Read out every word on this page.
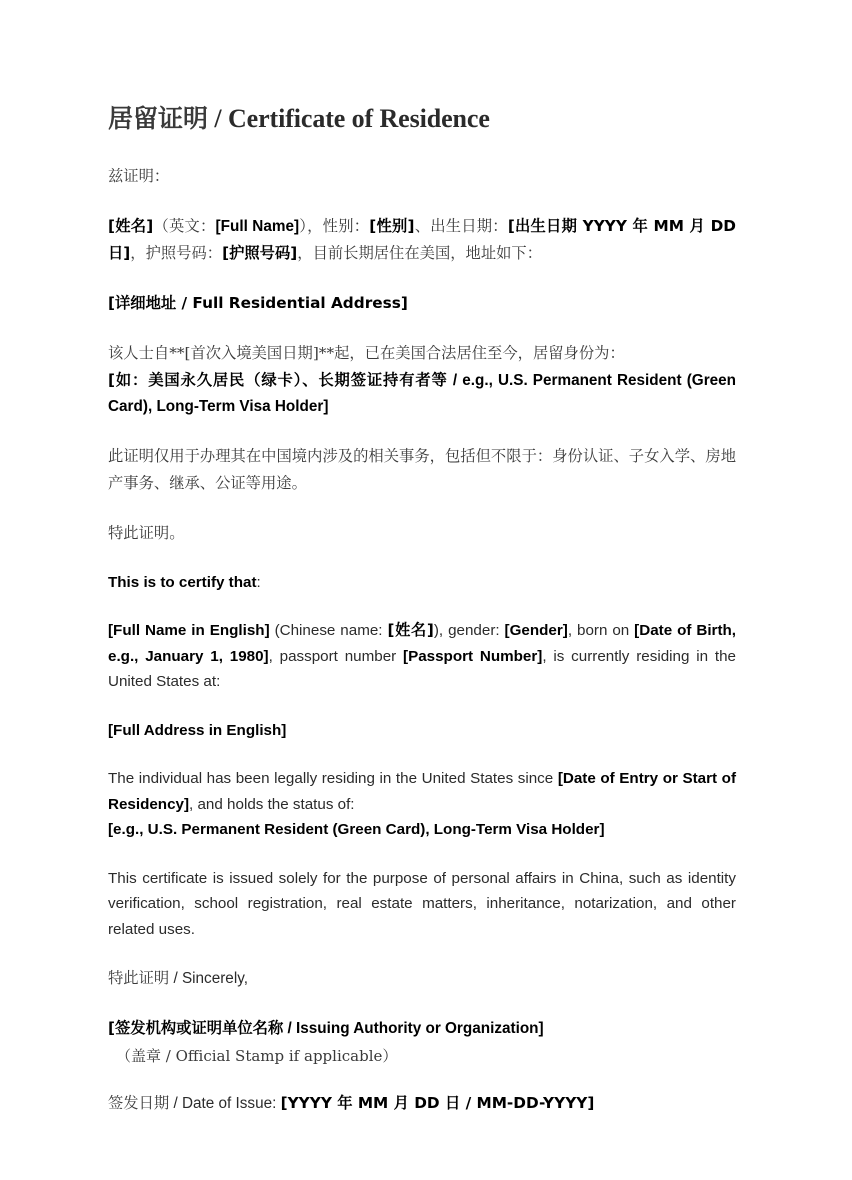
居留证明 / Certificate of Residence

兹证明：

[姓名]（英文：[Full Name]），性别：[性别]、出生日期：[出生日期 YYYY 年 MM 月 DD 日]，护照号码：[护照号码]，目前长期居住在美国，地址如下：

[详细地址 / Full Residential Address]

该人士自**[首次入境美国日期]**起，已在美国合法居住至今，居留身份为：
[如：美国永久居民（绿卡）、长期签证持有者等 / e.g., U.S. Permanent Resident (Green Card), Long-Term Visa Holder]

此证明仅用于办理其在中国境内涉及的相关事务，包括但不限于：身份认证、子女入学、房地产事务、继承、公证等用途。

特此证明。

This is to certify that:

[Full Name in English] (Chinese name: [姓名]), gender: [Gender], born on [Date of Birth, e.g., January 1, 1980], passport number [Passport Number], is currently residing in the United States at:

[Full Address in English]

The individual has been legally residing in the United States since [Date of Entry or Start of Residency], and holds the status of:
[e.g., U.S. Permanent Resident (Green Card), Long-Term Visa Holder]

This certificate is issued solely for the purpose of personal affairs in China, such as identity verification, school registration, real estate matters, inheritance, notarization, and other related uses.

特此证明 / Sincerely,

[签发机构或证明单位名称 / Issuing Authority or Organization]

（盖章 / Official Stamp if applicable）

签发日期 / Date of Issue: [YYYY 年 MM 月 DD 日 / MM-DD-YYYY]
